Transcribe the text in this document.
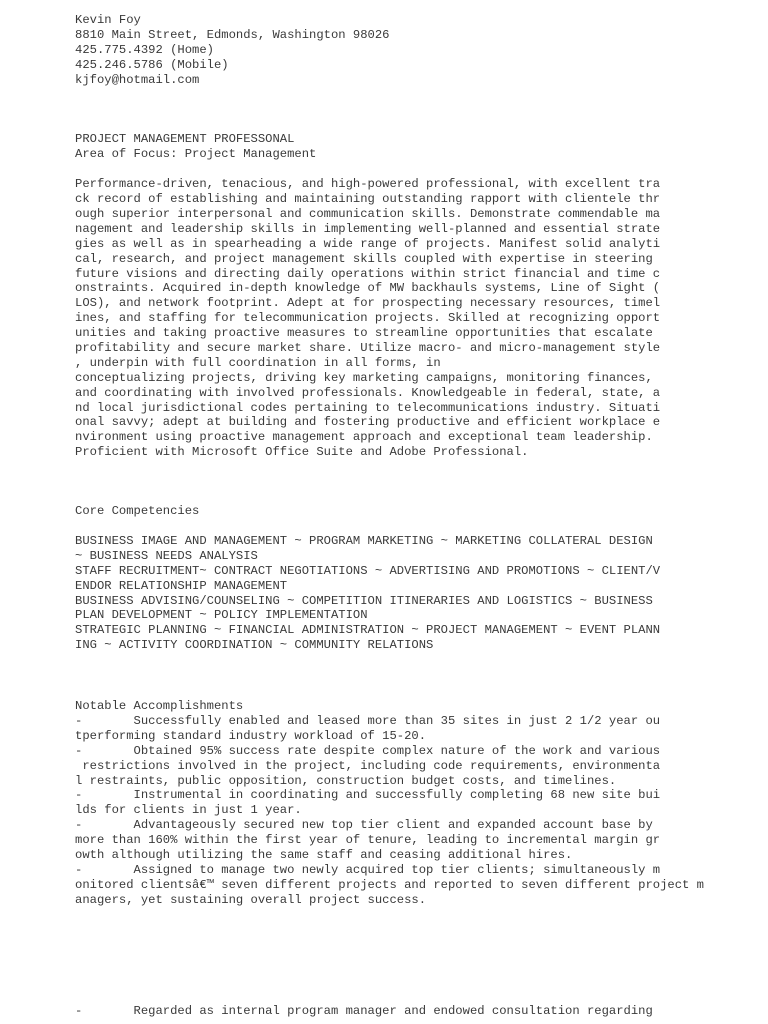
Kevin Foy
8810 Main Street, Edmonds, Washington 98026
425.775.4392 (Home)
425.246.5786 (Mobile)
kjfoy@hotmail.com
PROJECT MANAGEMENT PROFESSONAL
Area of Focus: Project Management
Performance-driven, tenacious, and high-powered professional, with excellent tra
ck record of establishing and maintaining outstanding rapport with clientele thr
ough superior interpersonal and communication skills. Demonstrate commendable ma
nagement and leadership skills in implementing well-planned and essential strate
gies as well as in spearheading a wide range of projects. Manifest solid analyti
cal, research, and project management skills coupled with expertise in steering
future visions and directing daily operations within strict financial and time c
onstraints. Acquired in-depth knowledge of MW backhauls systems, Line of Sight (
LOS), and network footprint. Adept at for prospecting necessary resources, timel
ines, and staffing for telecommunication projects. Skilled at recognizing opport
unities and taking proactive measures to streamline opportunities that escalate
profitability and secure market share. Utilize macro- and micro-management style
, underpin with full coordination in all forms, in
conceptualizing projects, driving key marketing campaigns, monitoring finances,
and coordinating with involved professionals. Knowledgeable in federal, state, a
nd local jurisdictional codes pertaining to telecommunications industry. Situati
onal savvy; adept at building and fostering productive and efficient workplace e
nvironment using proactive management approach and exceptional team leadership.
Proficient with Microsoft Office Suite and Adobe Professional.
Core Competencies
BUSINESS IMAGE AND MANAGEMENT ~ PROGRAM MARKETING ~ MARKETING COLLATERAL DESIGN
~ BUSINESS NEEDS ANALYSIS
STAFF RECRUITMENT~ CONTRACT NEGOTIATIONS ~ ADVERTISING AND PROMOTIONS ~ CLIENT/V
ENDOR RELATIONSHIP MANAGEMENT
BUSINESS ADVISING/COUNSELING ~ COMPETITION ITINERARIES AND LOGISTICS ~ BUSINESS
PLAN DEVELOPMENT ~ POLICY IMPLEMENTATION
STRATEGIC PLANNING ~ FINANCIAL ADMINISTRATION ~ PROJECT MANAGEMENT ~ EVENT PLANN
ING ~ ACTIVITY COORDINATION ~ COMMUNITY RELATIONS
Notable Accomplishments
-       Successfully enabled and leased more than 35 sites in just 2 1/2 year ou
tperforming standard industry workload of 15-20.
-       Obtained 95% success rate despite complex nature of the work and various
restrictions involved in the project, including code requirements, environmenta
l restraints, public opposition, construction budget costs, and timelines.
-       Instrumental in coordinating and successfully completing 68 new site bui
lds for clients in just 1 year.
-       Advantageously secured new top tier client and expanded account base by
more than 160% within the first year of tenure, leading to incremental margin gr
owth although utilizing the same staff and ceasing additional hires.
-       Assigned to manage two newly acquired top tier clients; simultaneously m
onitored clientsâ€™ seven different projects and reported to seven different project m
anagers, yet sustaining overall project success.
-       Regarded as internal program manager and endowed consultation regarding
